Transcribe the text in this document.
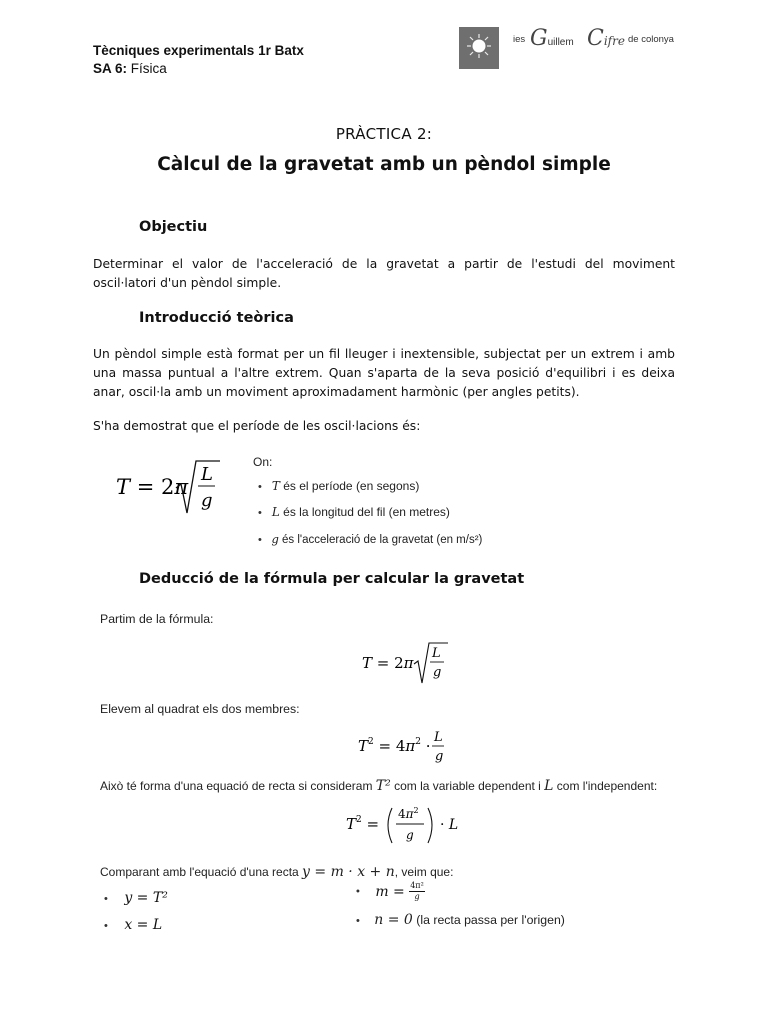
Tècniques experimentals 1r Batx
SA 6: Física
ies Guillem Cifre de colonya
PRÀCTICA 2:
Càlcul de la gravetat amb un pèndol simple
Objectiu
Determinar el valor de l'acceleració de la gravetat a partir de l'estudi del moviment oscil·latori d'un pèndol simple.
Introducció teòrica
Un pèndol simple està format per un fil lleuger i inextensible, subjectat per un extrem i amb una massa puntual a l'altre extrem. Quan s'aparta de la seva posició d'equilibri i es deixa anar, oscil·la amb un moviment aproximadament harmònic (per angles petits).
S'ha demostrat que el període de les oscil·lacions és:
T = 2π
L
g
On:
• T és el període (en segons)
• L és la longitud del fil (en metres)
• g és l'acceleració de la gravetat (en m/s²)
Deducció de la fórmula per calcular la gravetat
Partim de la fórmula:
T = 2π
L
g
Elevem al quadrat els dos membres:
$T^2 = 4\pi^2 \cdot L$
g
Això té forma d'una equació de recta si consideram T² com la variable dependent i L com l'independent:
$T^2$ =
$4\pi^2$
g
· L
Comparant amb l'equació d'una recta y = m · x + n, veim que:
• y = T²
• x = L
• $m = \frac{\text{4π²}}{g}$
• n = 0 (la recta passa per l'origen)
